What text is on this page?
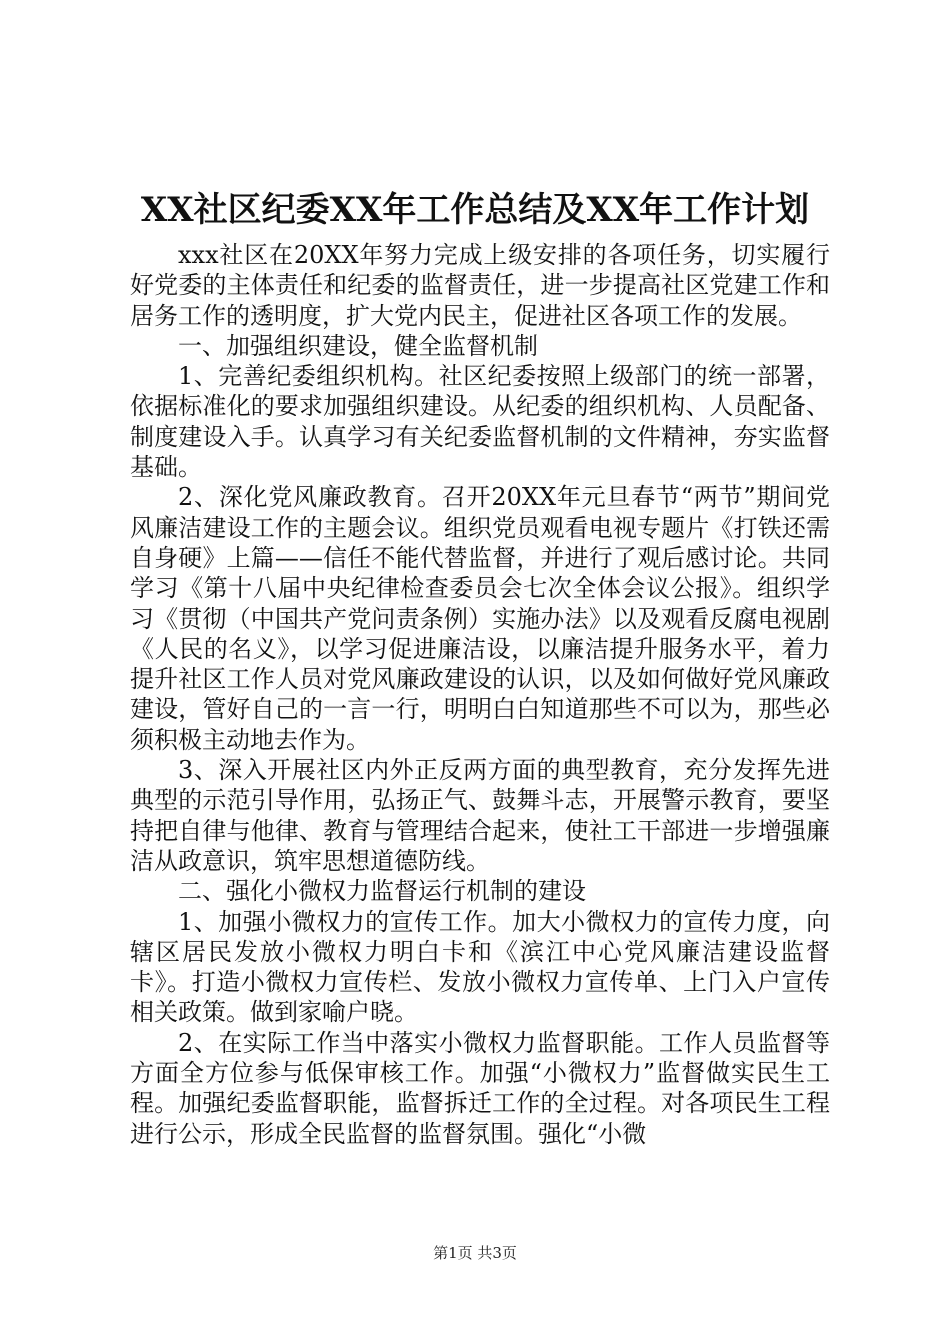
XX社区纪委XX年工作总结及XX年工作计划

xxx社区在20XX年努力完成上级安排的各项任务，切实履行好党委的主体责任和纪委的监督责任，进一步提高社区党建工作和居务工作的透明度，扩大党内民主，促进社区各项工作的发展。

一、加强组织建设，健全监督机制

1、完善纪委组织机构。社区纪委按照上级部门的统一部署，依据标准化的要求加强组织建设。从纪委的组织机构、人员配备、制度建设入手。认真学习有关纪委监督机制的文件精神，夯实监督基础。

2、深化党风廉政教育。召开20XX年元旦春节“两节”期间党风廉洁建设工作的主题会议。组织党员观看电视专题片《打铁还需自身硬》上篇——信任不能代替监督，并进行了观后感讨论。共同学习《第十八届中央纪律检查委员会七次全体会议公报》。组织学习《贯彻（中国共产党问责条例）实施办法》以及观看反腐电视剧《人民的名义》，以学习促进廉洁设，以廉洁提升服务水平，着力提升社区工作人员对党风廉政建设的认识，以及如何做好党风廉政建设，管好自己的一言一行，明明白白知道那些不可以为，那些必须积极主动地去作为。

3、深入开展社区内外正反两方面的典型教育，充分发挥先进典型的示范引导作用，弘扬正气、鼓舞斗志，开展警示教育，要坚持把自律与他律、教育与管理结合起来，使社工干部进一步增强廉洁从政意识，筑牢思想道德防线。

二、强化小微权力监督运行机制的建设

1、加强小微权力的宣传工作。加大小微权力的宣传力度，向辖区居民发放小微权力明白卡和《滨江中心党风廉洁建设监督卡》。打造小微权力宣传栏、发放小微权力宣传单、上门入户宣传相关政策。做到家喻户晓。

2、在实际工作当中落实小微权力监督职能。工作人员监督等方面全方位参与低保审核工作。加强“小微权力”监督做实民生工程。加强纪委监督职能，监督拆迁工作的全过程。对各项民生工程进行公示，形成全民监督的监督氛围。强化“小微

第1页 共3页
